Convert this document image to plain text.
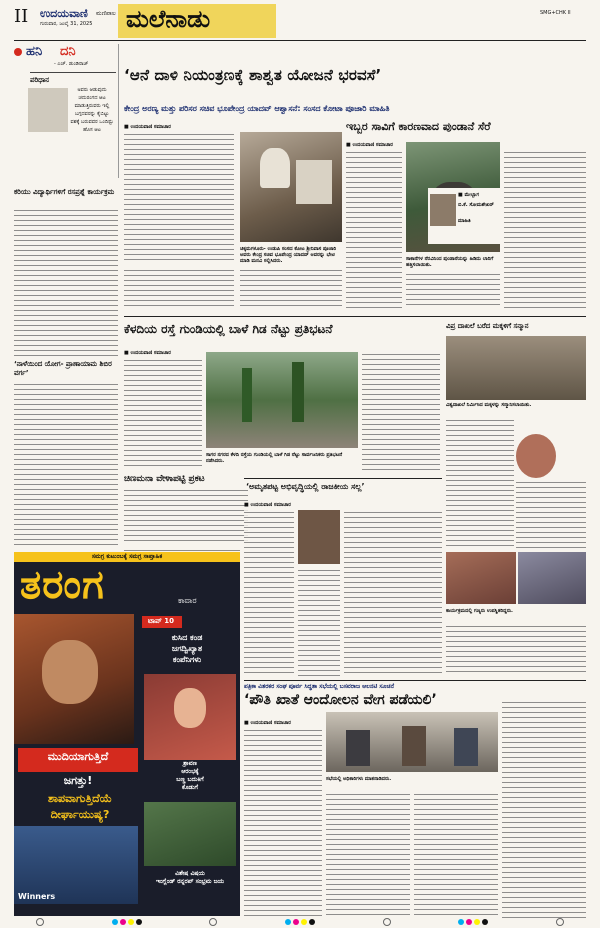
II ಉದಯವಾಣಿ ಮಣಿಪಾಲ
ಗುರುವಾರ, ಜುಲೈ 31, 2025 ಮಲೆನಾಡು	SMG+CHK II
ಹನಿ ದನಿ
- ಎಚ್. ಡುಂಡಿರಾಜ್
ಪರಿಧಾನ
ಅವರು ಆಡುವುದು ಚದುರಂಗದ ಆಟ ಮಾಡುತ್ತಿರುವರು ಇಲ್ಲಿ ಬಗ್ಗದವರನ್ನು ಕೈಬಿಟ್ಟು ವಶಕ್ಕೆ ಬರುವವರ ಒಂದಿಷ್ಟು ಹೊಸ ಆಟ
ಕರಿಯು ವಿದ್ಯಾರ್ಥಿಗಳಿಗೆ ರಸಪ್ರಶ್ನೆ ಕಾರ್ಯಕ್ರಮ
‘ನಾಳೆಯಿಂದ ಯೋಗ- ಪ್ರಾಣಾಯಾಮ ಶಿಬಿರ ವರ್ಗ’
‘ಆನೆ ದಾಳಿ ನಿಯಂತ್ರಣಕ್ಕೆ ಶಾಶ್ವತ ಯೋಜನೆ ಭರವಸೆ’
ಕೇಂದ್ರ ಅರಣ್ಯ ಮತ್ತು ಪರಿಸರ ಸಚಿವ ಭೂಪೇಂದ್ರ ಯಾದವ್ ಆಶ್ವಾಸನೆ: ಸಂಸದ ಕೋಟಾ ಪೂಜಾರಿ ಮಾಹಿತಿ
■ ಉದಯವಾಣಿ ಸಮಾಚಾರ
ಚಿಕ್ಕಮಗಳೂರು- ಉಡುಪಿ ಸಂಸದ ಕೋಟ ಶ್ರೀನಿವಾಸ ಪೂಜಾರಿ ಅವರು ಕೇಂದ್ರ ಸಚಿವ ಭೂಪೇಂದ್ರ ಯಾದವ್ ಅವರನ್ನು ಭೇಟಿ ಮಾಡಿ ಮನವಿ ಸಲ್ಲಿಸಿದರು.
ಇಬ್ಬರ ಸಾವಿಗೆ ಕಾರಣವಾದ ಪುಂಡಾನೆ ಸೆರೆ
■ ಉದಯವಾಣಿ ಸಮಾಚಾರ
■ ಮೇಲ್ಬಾಗ
ಬಿ.ಕೆ. ಸೋಮಶೇಖರ್
ಮಾಹಿತಿ
ಸಾಕಾನೆಗಳ ನೆರವಿನಿಂದ ಪುಂಡಾನೆಯನ್ನು ಹಿಡಿದು ಲಾರಿಗೆ ಹತ್ತಿಸಲಾಯಿತು.
ಕೆಳದಿಯ ರಸ್ತೆ ಗುಂಡಿಯಲ್ಲಿ ಬಾಳೆ ಗಿಡ ನೆಟ್ಟು ಪ್ರತಿಭಟನೆ
■ ಉದಯವಾಣಿ ಸಮಾಚಾರ
ಸಾಗರ ನಗರದ ಕೆಳದಿ ರಸ್ತೆಯ ಗುಂಡಿಯಲ್ಲಿ ಬಾಳೆ ಗಿಡ ನೆಟ್ಟು ಸಾರ್ವಜನಿಕರು ಪ್ರತಿಭಟನೆ ನಡೆಸಿದರು.
ಚಿಣಮನಾ ವೇಳಾಪಟ್ಟಿ ಪ್ರಕಟ
ವಿಪ್ರ ದಾಖಲೆ ಬರೆದ ಮಕ್ಕಳಿಗೆ ಸನ್ಮಾನ
ವಿಶ್ವದಾಖಲೆ ನಿರ್ಮಿಸಿದ ಮಕ್ಕಳನ್ನು ಸನ್ಮಾನಿಸಲಾಯಿತು.
‘ಅಮೃತಪಟ್ಟ ಅಭಿವೃದ್ಧಿಯಲ್ಲಿ ರಾಜಕೀಯ ಸಲ್ಲ’
■ ಉದಯವಾಣಿ ಸಮಾಚಾರ
ಕಾರ್ಯಕ್ರಮದಲ್ಲಿ ಗಣ್ಯರು ಉಪಸ್ಥಿತರಿದ್ದರು.
ಪತ್ರಿಕಾ ವಿತರಕರ ಸಂಘ ಪೂರ್ವ ಸಿದ್ಧತಾ ಸಭೆಯಲ್ಲಿ ಬಸವರಾಜ ಆಲನಟಿ ಸೂಚನೆ
‘ಪೌತಿ ಖಾತೆ ಆಂದೋಲನ ವೇಗ ಪಡೆಯಲಿ’
■ ಉದಯವಾಣಿ ಸಮಾಚಾರ
ಸಭೆಯಲ್ಲಿ ಅಧಿಕಾರಿಗಳು ಮಾತನಾಡಿದರು.
ಸಮಗ್ರ ಕುಟುಂಬಕ್ಕೆ ಸಮಗ್ರ ಸಾಪ್ತಾಹಿಕ
ತರಂಗ	ಕಾವಾರ
ಟಾಪ್ 10
ಕುಸಿದ ಕಂಡ
ಜಗದ್ವಿಖ್ಯಾತ
ಕಂಪೆನಿಗಳು
ಮುದಿಯಾಗುತ್ತಿದೆ
ಜಗತ್ತು!
ಶಾಪವಾಗುತ್ತಿದೆಯೆ
ದೀರ್ಘಾಯುಷ್ಯ?
ಶ್ರಾವಣ
ಆರಂಭಕ್ಕೆ
ಬಣ್ಣ ಬದುಕಿಗೆ
ಕೊಡುಗೆ
Winners
ವಿಶೇಷ ವಿಷಯ
ಇಂಗ್ಲೆಂಡ್ ರನ್ನರಪ್ ಸಂಭ್ರಮ ಜಯ
